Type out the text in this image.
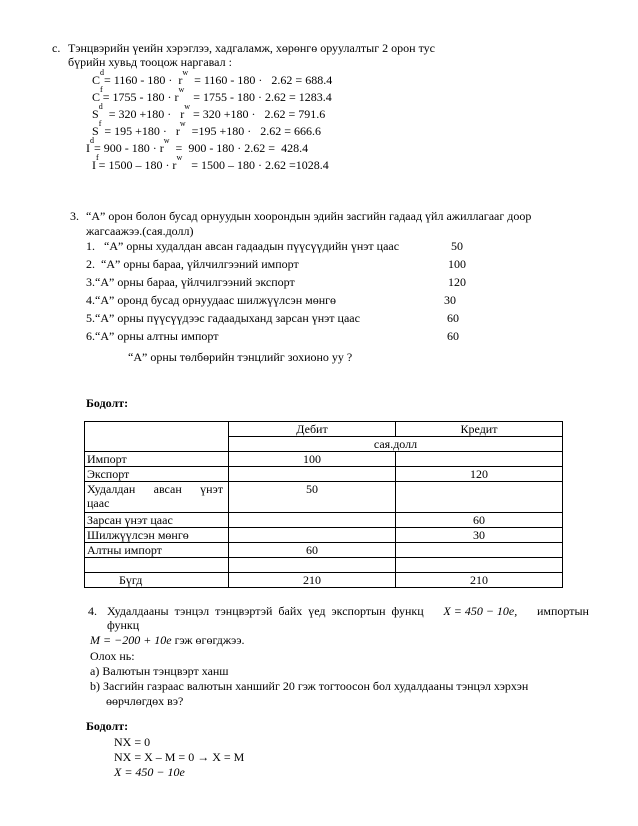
c. Тэнцвэрийн үеийн хэрэглээ, хадгаламж, хөрөнгө оруулалтыг 2 орон тус
бүрийн хувьд тооцож наргавал :
$C^d= 1160 - 180 \cdot r^w = 1160 - 180 \cdot 2.62 = 688.4$
$C^f= 1755 - 180 \cdot r^w = 1755 - 180 \cdot 2.62 = 1283.4$
$S^d = 320 +180 \cdot r^w = 320 +180 \cdot 2.62 = 791.6$
$S^f = 195 +180 \cdot r^w =195 +180 \cdot 2.62 = 666.6$
$I^d= 900 - 180 \cdot r^w = 900 - 180 \cdot 2.62 = 428.4$
$I^f= 1500 - 180 \cdot r^w = 1500 - 180 \cdot 2.62 =1028.4$
3. “А” орон болон бусад орнуудын хоорондын эдийн засгийн гадаад үйл ажиллагааг доор
жагсаажээ.(сая.долл)
1.   “А” орны худалдан авсан гадаадын пүүсүүдийн үнэт цаас	50
2.  “А” орны бараа, үйлчилгээний импорт	100
3.“А” орны бараа, үйлчилгээний экспорт	120
4.“А” оронд бусад орнуудаас шилжүүлсэн мөнгө	30
5.“А” орны пүүсүүдээс гадаадыханд зарсан үнэт цаас	60
6.“А” орны алтны импорт	60
“А” орны төлбөрийн тэнцлийг зохионо уу ?
Бодолт:
	Дебит	Кредит
	сая.долл	
Импорт	100	
Экспорт		120

Худалдан авсан үнэт
цаас	50	
Зарсан үнэт цаас		60
Шилжүүлсэн мөнгө		30
Алтны импорт	60	

Бүгд	210	210
4. Худалдааны тэнцэл тэнцвэртэй байх үед экспортын функц X = 450 − 10e, импортын
функц
M = −200 + 10e гэж өгөгджээ.
Олох нь:
a) Валютын тэнцвэрт ханш
b) Засгийн газраас валютын ханшийг 20 гэж тогтоосон бол худалдааны тэнцэл хэрхэн
өөрчлөгдөх вэ?
Бодолт:
NX = 0
NX = X – M = 0 → X = M
X = 450 − 10e
